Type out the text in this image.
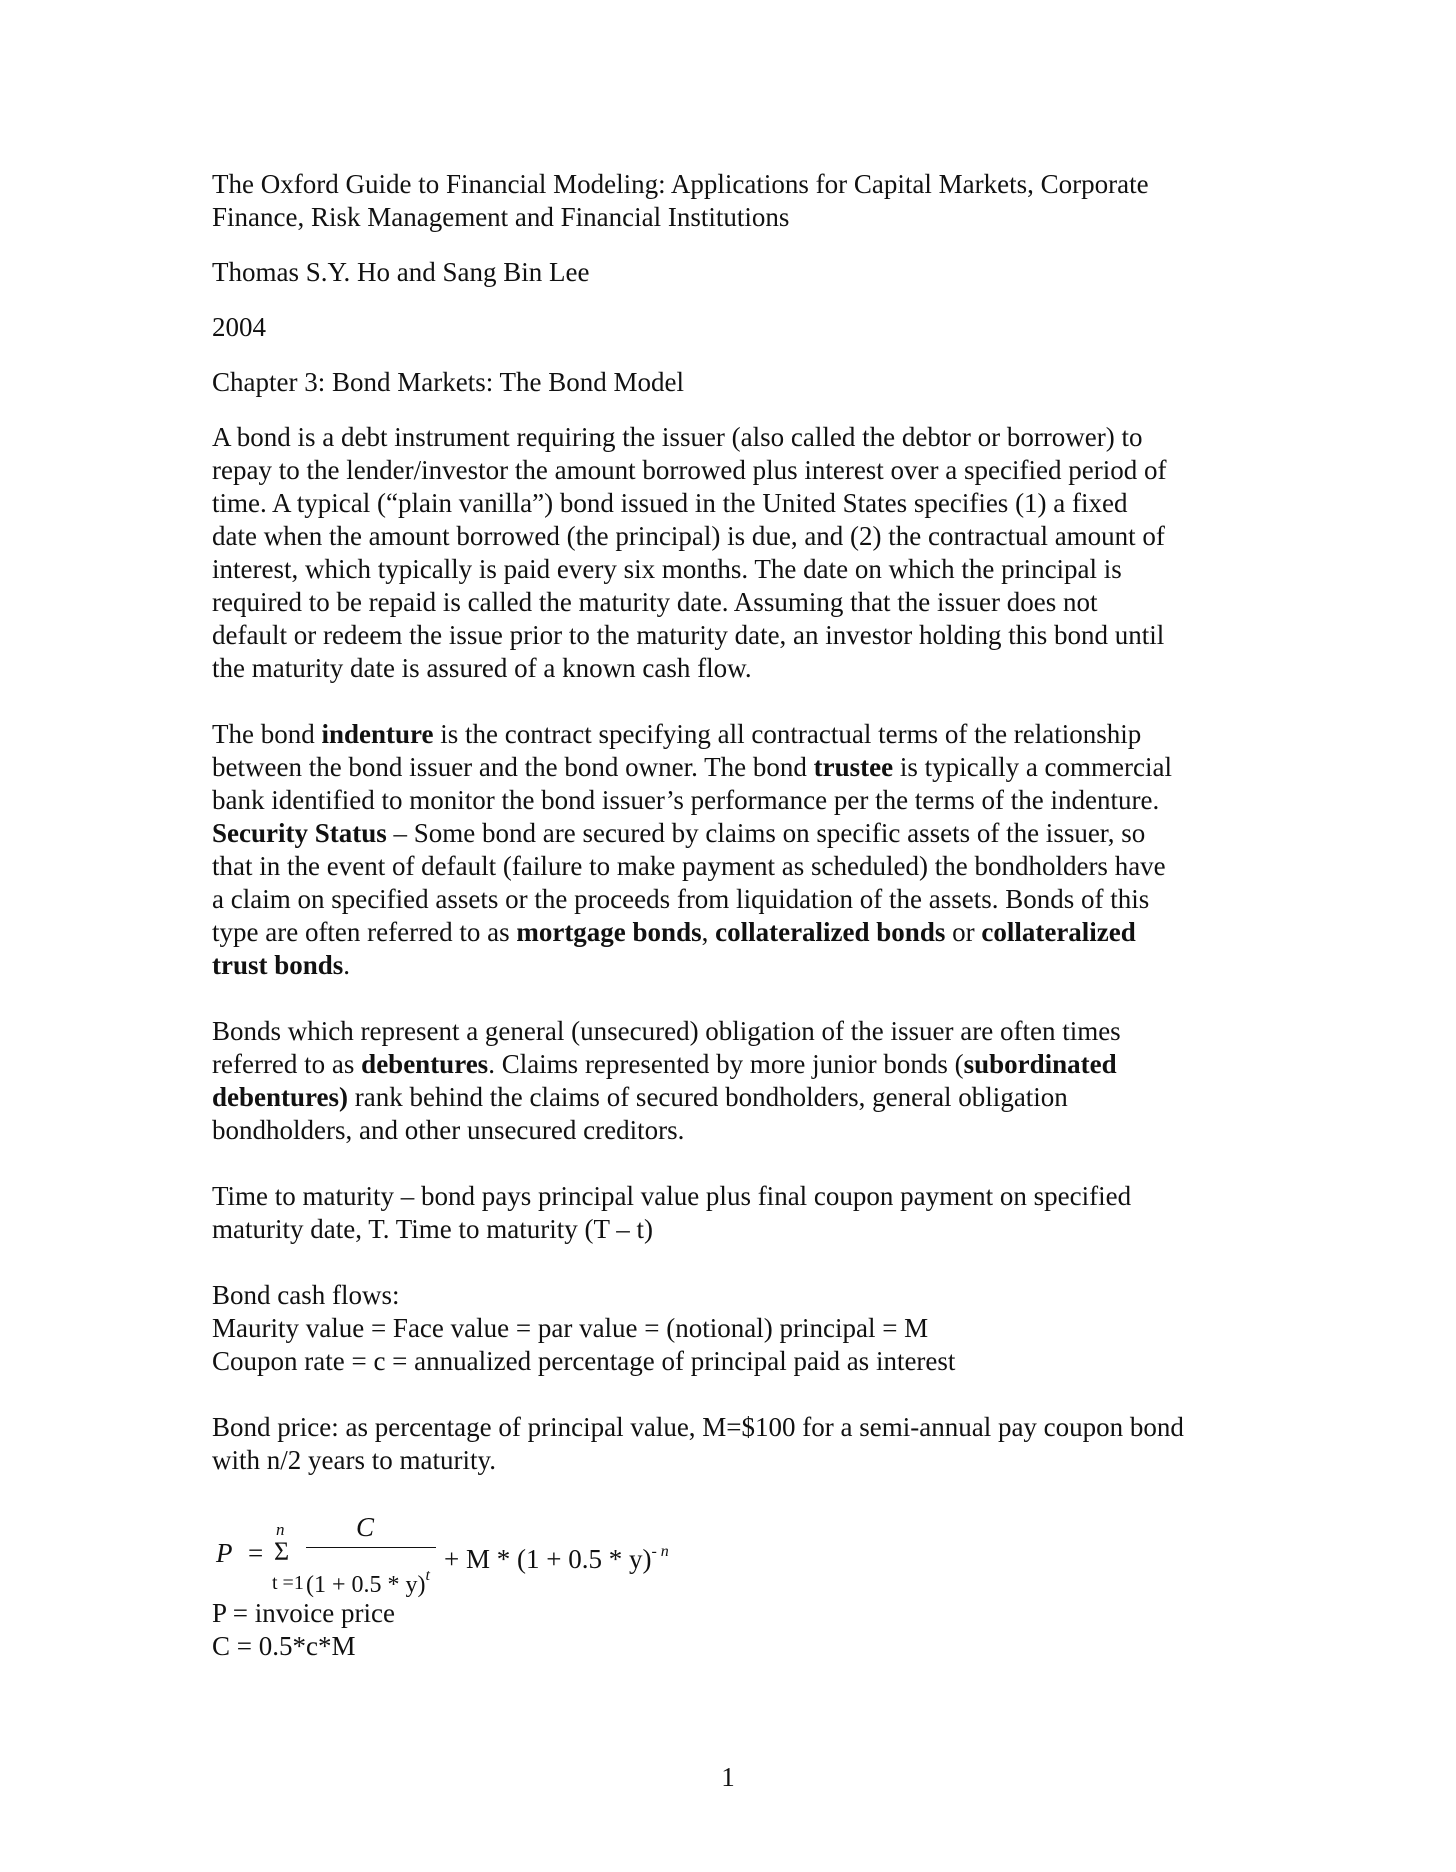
The Oxford Guide to Financial Modeling: Applications for Capital Markets, Corporate
Finance, Risk Management and Financial Institutions
Thomas S.Y. Ho and Sang Bin Lee
2004
Chapter 3: Bond Markets: The Bond Model
A bond is a debt instrument requiring the issuer (also called the debtor or borrower) to
repay to the lender/investor the amount borrowed plus interest over a specified period of
time. A typical (“plain vanilla”) bond issued in the United States specifies (1) a fixed
date when the amount borrowed (the principal) is due, and (2) the contractual amount of
interest, which typically is paid every six months. The date on which the principal is
required to be repaid is called the maturity date. Assuming that the issuer does not
default or redeem the issue prior to the maturity date, an investor holding this bond until
the maturity date is assured of a known cash flow.
The bond indenture is the contract specifying all contractual terms of the relationship
between the bond issuer and the bond owner. The bond trustee is typically a commercial
bank identified to monitor the bond issuer’s performance per the terms of the indenture.
Security Status – Some bond are secured by claims on specific assets of the issuer, so
that in the event of default (failure to make payment as scheduled) the bondholders have
a claim on specified assets or the proceeds from liquidation of the assets. Bonds of this
type are often referred to as mortgage bonds, collateralized bonds or collateralized
trust bonds.
Bonds which represent a general (unsecured) obligation of the issuer are often times
referred to as debentures. Claims represented by more junior bonds (subordinated
debentures) rank behind the claims of secured bondholders, general obligation
bondholders, and other unsecured creditors.
Time to maturity – bond pays principal value plus final coupon payment on specified
maturity date, T. Time to maturity (T – t)
Bond cash flows:
Maurity value = Face value = par value = (notional) principal = M
Coupon rate = c = annualized percentage of principal paid as interest
Bond price: as percentage of principal value, M=$100 for a semi-annual pay coupon bond
with n/2 years to maturity.
P =
n
Σ
t =1
C
$(1 + 0.5 * y)^t$
+ $M * (1 + 0.5 * y)^{- n}$
P = invoice price
C = 0.5*c*M
1
